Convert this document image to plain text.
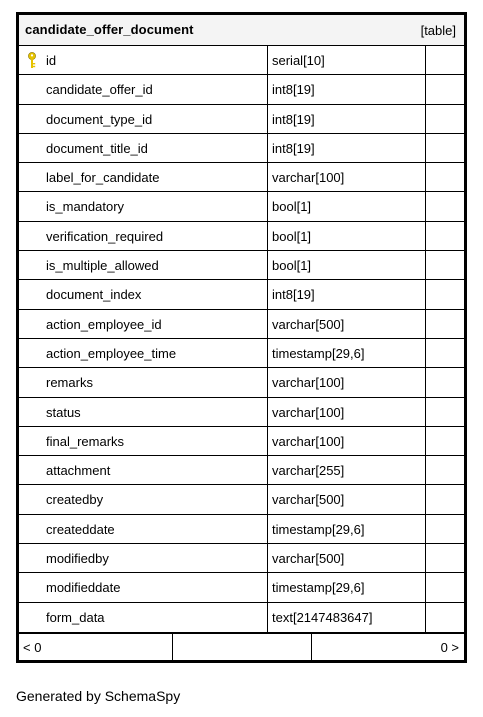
candidate_offer_document	[table]
id	serial[10]
candidate_offer_id	int8[19]
document_type_id	int8[19]
document_title_id	int8[19]
label_for_candidate	varchar[100]
is_mandatory	bool[1]
verification_required	bool[1]
is_multiple_allowed	bool[1]
document_index	int8[19]
action_employee_id	varchar[500]
action_employee_time	timestamp[29,6]
remarks	varchar[100]
status	varchar[100]
final_remarks	varchar[100]
attachment	varchar[255]
createdby	varchar[500]
createddate	timestamp[29,6]
modifiedby	varchar[500]
modifieddate	timestamp[29,6]
form_data	text[2147483647]
< 0	0 >
Generated by SchemaSpy
